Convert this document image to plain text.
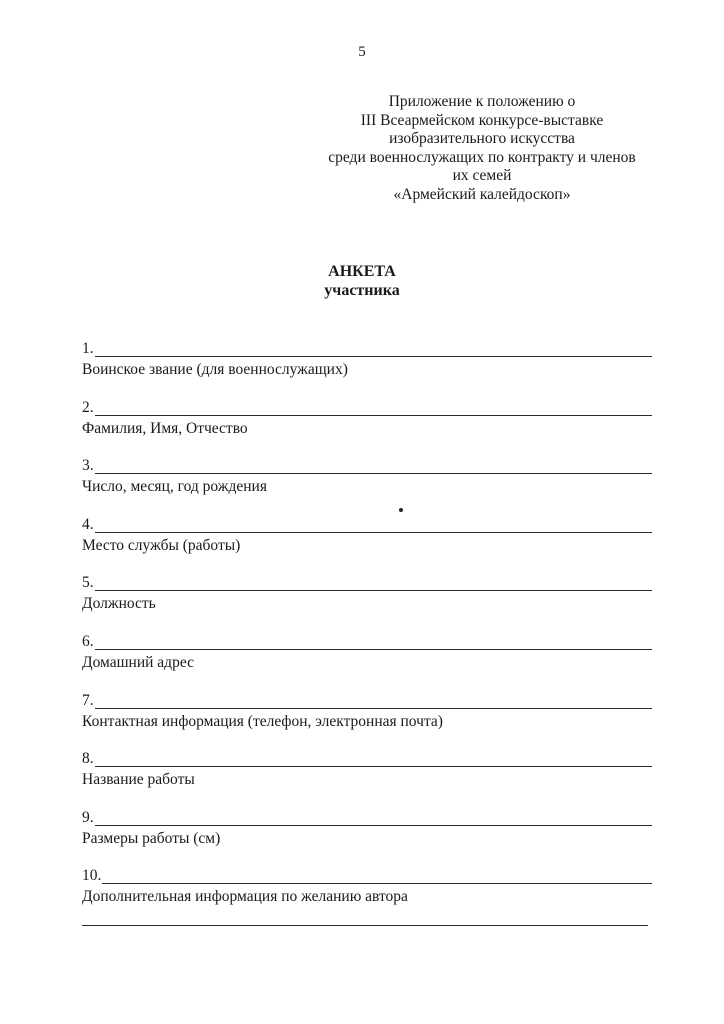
5
Приложение к положению о
III Всеармейском конкурсе-выставке
изобразительного искусства
среди военнослужащих по контракту и членов
их семей
«Армейский калейдоскоп»
АНКЕТА
участника
1.
Воинское звание (для военнослужащих)
2.
Фамилия, Имя, Отчество
3.
Число, месяц, год рождения
4.
Место службы (работы)
5.
Должность
6.
Домашний адрес
7.
Контактная информация (телефон, электронная почта)
8.
Название работы
9.
Размеры работы (см)
10.
Дополнительная информация по желанию автора
